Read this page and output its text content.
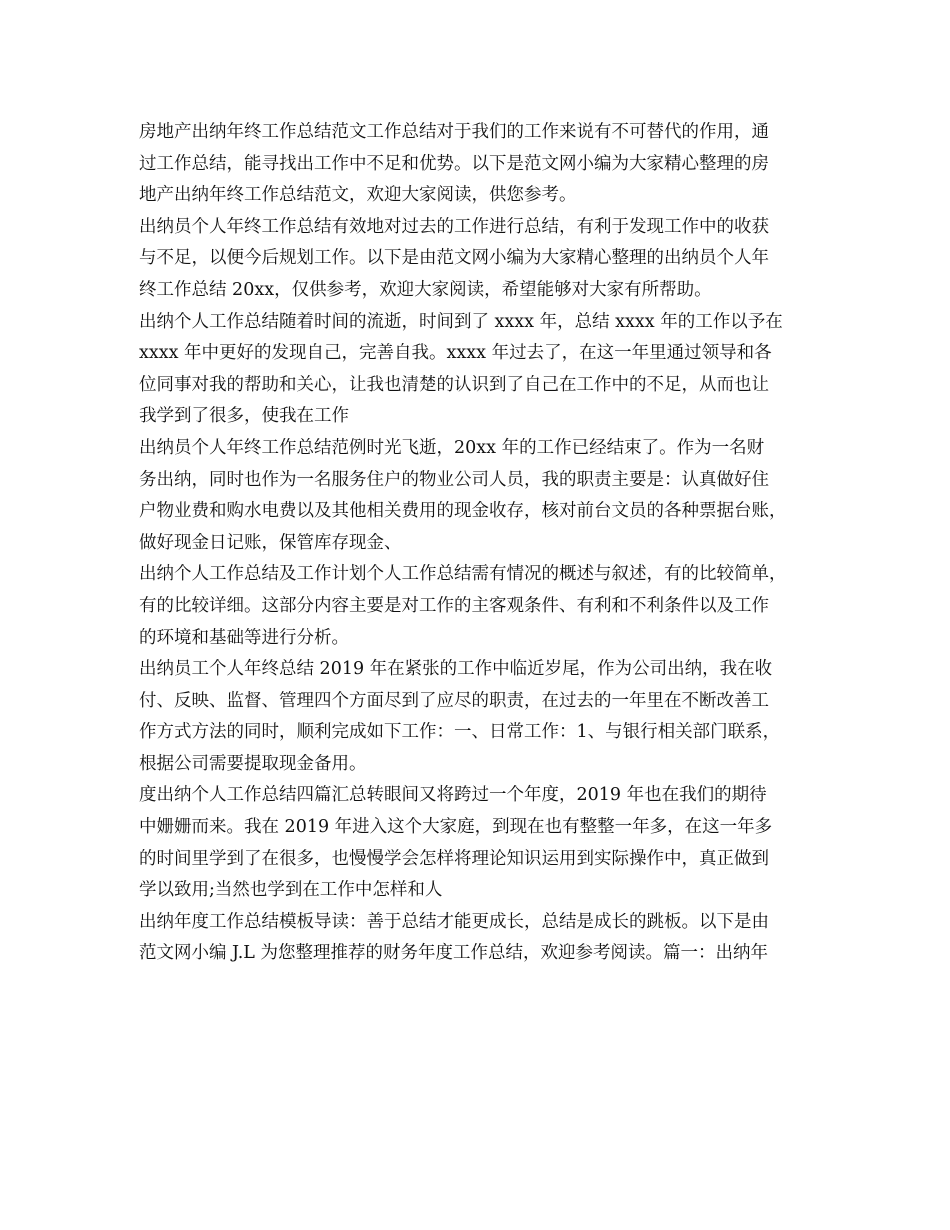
房地产出纳年终工作总结范文工作总结对于我们的工作来说有不可替代的作用，通
过工作总结，能寻找出工作中不足和优势。以下是范文网小编为大家精心整理的房
地产出纳年终工作总结范文，欢迎大家阅读，供您参考。
出纳员个人年终工作总结有效地对过去的工作进行总结，有利于发现工作中的收获
与不足，以便今后规划工作。以下是由范文网小编为大家精心整理的出纳员个人年
终工作总结 20xx，仅供参考，欢迎大家阅读，希望能够对大家有所帮助。
出纳个人工作总结随着时间的流逝，时间到了 xxxx 年，总结 xxxx 年的工作以予在
xxxx 年中更好的发现自己，完善自我。xxxx 年过去了，在这一年里通过领导和各
位同事对我的帮助和关心，让我也清楚的认识到了自己在工作中的不足，从而也让
我学到了很多，使我在工作
出纳员个人年终工作总结范例时光飞逝，20xx 年的工作已经结束了。作为一名财
务出纳，同时也作为一名服务住户的物业公司人员，我的职责主要是：认真做好住
户物业费和购水电费以及其他相关费用的现金收存，核对前台文员的各种票据台账，
做好现金日记账，保管库存现金、
出纳个人工作总结及工作计划个人工作总结需有情况的概述与叙述，有的比较简单，
有的比较详细。这部分内容主要是对工作的主客观条件、有利和不利条件以及工作
的环境和基础等进行分析。
出纳员工个人年终总结 2019 年在紧张的工作中临近岁尾，作为公司出纳，我在收
付、反映、监督、管理四个方面尽到了应尽的职责，在过去的一年里在不断改善工
作方式方法的同时，顺利完成如下工作：一、日常工作：1、与银行相关部门联系，
根据公司需要提取现金备用。
度出纳个人工作总结四篇汇总转眼间又将跨过一个年度，2019 年也在我们的期待
中姗姗而来。我在 2019 年进入这个大家庭，到现在也有整整一年多，在这一年多
的时间里学到了在很多，也慢慢学会怎样将理论知识运用到实际操作中，真正做到
学以致用;当然也学到在工作中怎样和人
出纳年度工作总结模板导读：善于总结才能更成长，总结是成长的跳板。以下是由
范文网小编 J.L 为您整理推荐的财务年度工作总结，欢迎参考阅读。篇一：出纳年
